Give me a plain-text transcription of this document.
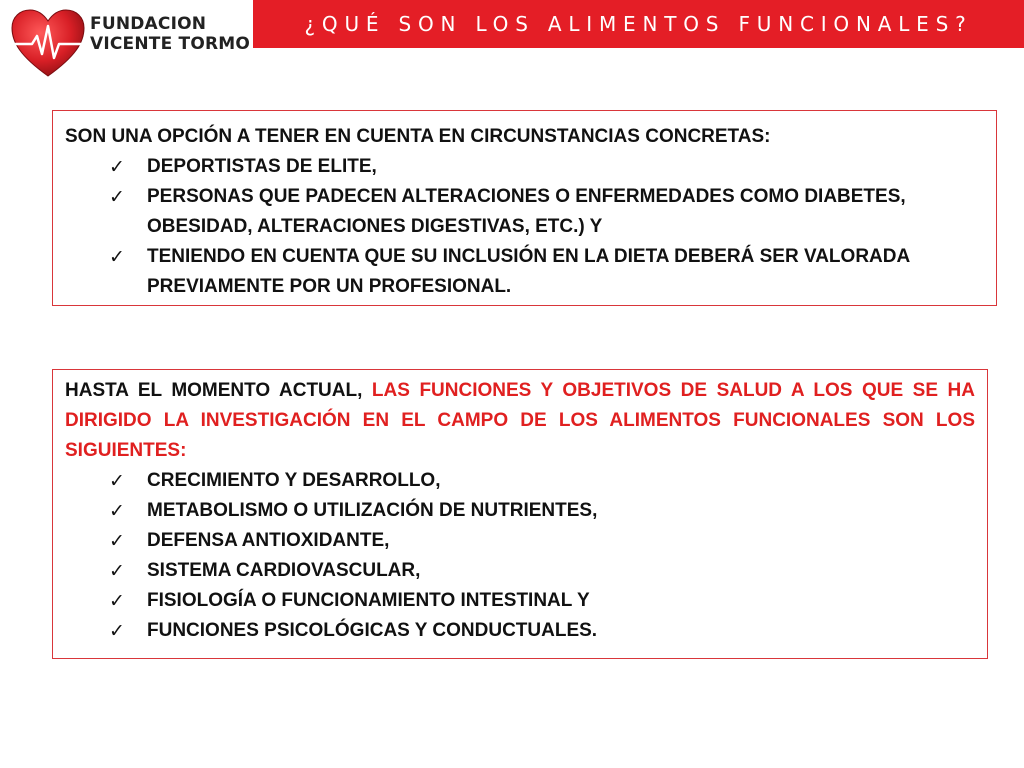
FUNDACION
VICENTE TORMO
¿QUÉ SON LOS ALIMENTOS FUNCIONALES?
SON UNA OPCIÓN A TENER EN CUENTA EN CIRCUNSTANCIAS CONCRETAS:
✓ DEPORTISTAS DE ELITE,
✓ PERSONAS QUE PADECEN ALTERACIONES O ENFERMEDADES COMO DIABETES, OBESIDAD, ALTERACIONES DIGESTIVAS, ETC.) Y
✓ TENIENDO EN CUENTA QUE SU INCLUSIÓN EN LA DIETA DEBERÁ SER VALORADA PREVIAMENTE POR UN PROFESIONAL.
HASTA EL MOMENTO ACTUAL, LAS FUNCIONES Y OBJETIVOS DE SALUD A LOS QUE SE HA DIRIGIDO LA INVESTIGACIÓN EN EL CAMPO DE LOS ALIMENTOS FUNCIONALES SON LOS SIGUIENTES:
✓ CRECIMIENTO Y DESARROLLO,
✓ METABOLISMO O UTILIZACIÓN DE NUTRIENTES,
✓ DEFENSA ANTIOXIDANTE,
✓ SISTEMA CARDIOVASCULAR,
✓ FISIOLOGÍA O FUNCIONAMIENTO INTESTINAL Y
✓ FUNCIONES PSICOLÓGICAS Y CONDUCTUALES.
